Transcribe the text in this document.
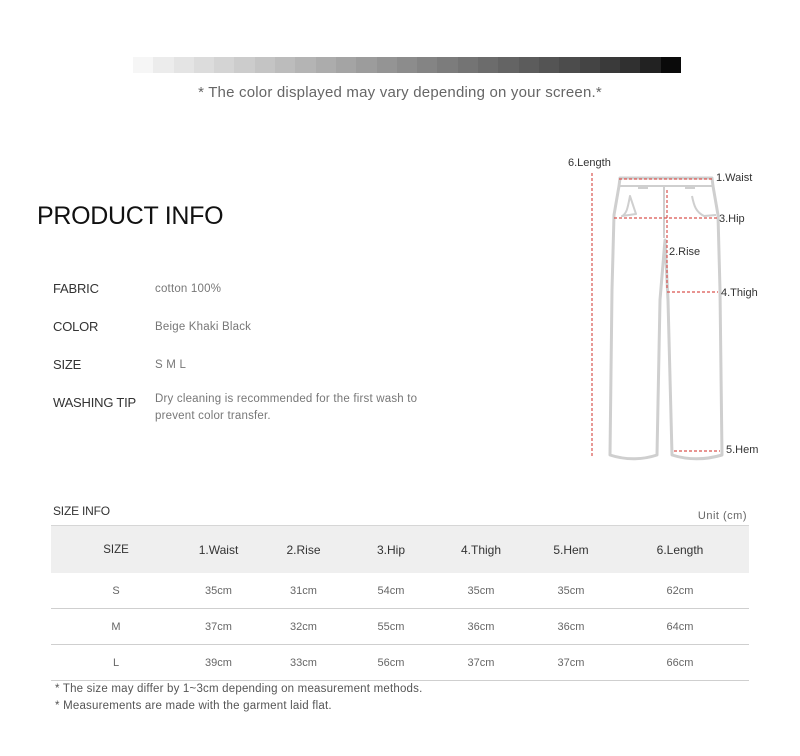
* The color displayed may vary depending on your screen.*
PRODUCT INFO
FABRIC	cotton 100%
COLOR	Beige Khaki Black
SIZE	S M L
WASHING TIP	Dry cleaning is recommended for the first wash to prevent color transfer.
6.Length
1.Waist
3.Hip
2.Rise
4.Thigh
5.Hem
SIZE INFO	Unit (cm)
SIZE	1.Waist	2.Rise	3.Hip	4.Thigh	5.Hem	6.Length
S	35cm	31cm	54cm	35cm	35cm	62cm
M	37cm	32cm	55cm	36cm	36cm	64cm
L	39cm	33cm	56cm	37cm	37cm	66cm
* The size may differ by 1~3cm depending on measurement methods.
* Measurements are made with the garment laid flat.
